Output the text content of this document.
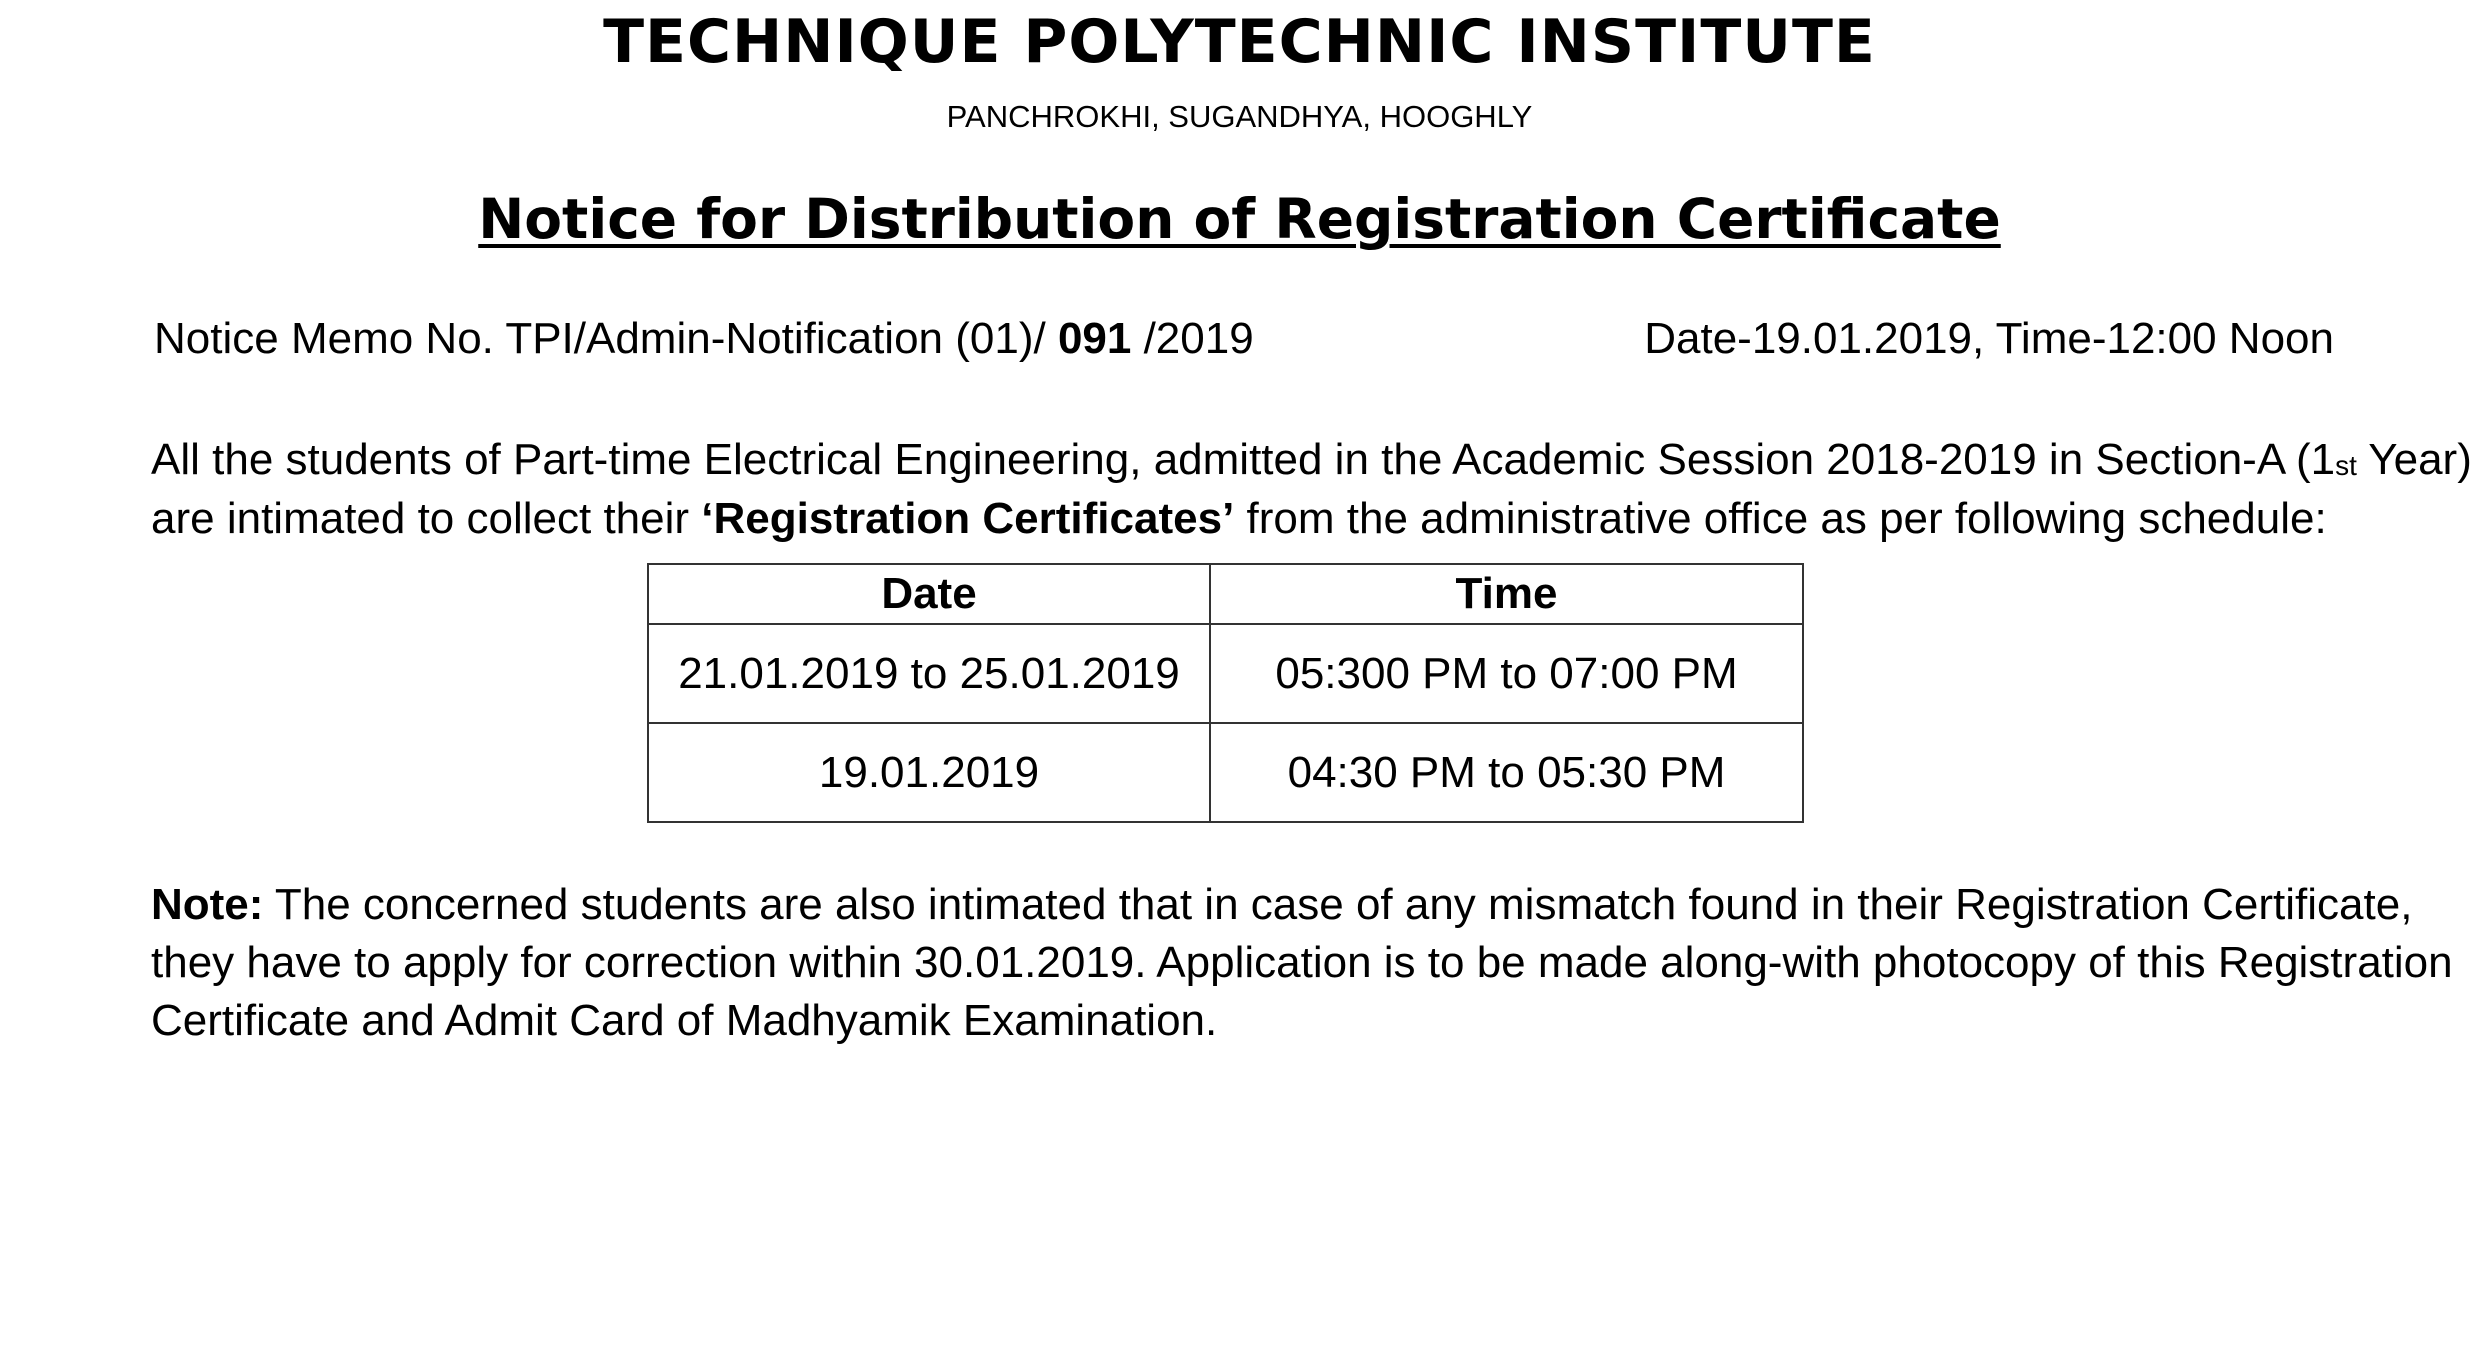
TECHNIQUE POLYTECHNIC INSTITUTE
PANCHROKHI, SUGANDHYA, HOOGHLY
Notice for Distribution of Registration Certificate
Notice Memo No. TPI/Admin-Notification (01)/ 091 /2019	Date-19.01.2019, Time-12:00 Noon
All the students of Part-time Electrical Engineering, admitted in the Academic Session 2018-2019 in Section-A (1st Year)
are intimated to collect their ‘Registration Certificates’ from the administrative office as per following schedule:
Date	Time
21.01.2019 to 25.01.2019	05:300 PM to 07:00 PM
19.01.2019	04:30 PM to 05:30 PM
Note: The concerned students are also intimated that in case of any mismatch found in their Registration Certificate,
they have to apply for correction within 30.01.2019. Application is to be made along-with photocopy of this Registration
Certificate and Admit Card of Madhyamik Examination.
